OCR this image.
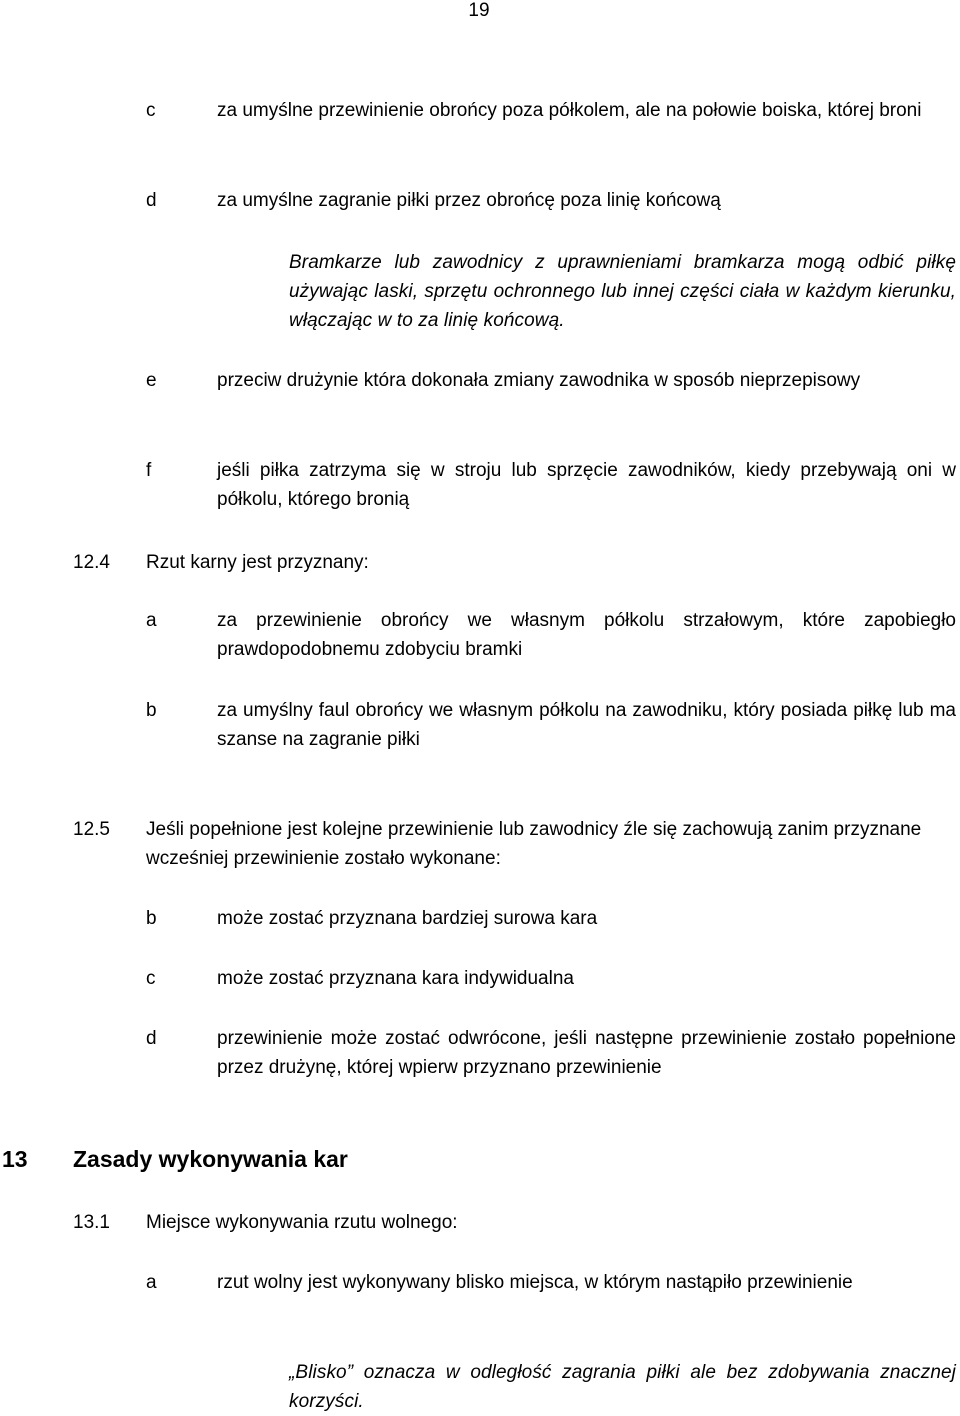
19
c	za umyślne przewinienie obrońcy poza półkolem, ale na połowie boiska, której broni
d	za umyślne zagranie piłki przez obrońcę poza linię końcową
Bramkarze lub zawodnicy z uprawnieniami bramkarza mogą odbić piłkę używając laski, sprzętu ochronnego lub innej części ciała w każdym kierunku, włączając w to za linię końcową.
e	przeciw drużynie która dokonała zmiany zawodnika w sposób nieprzepisowy
f	jeśli piłka zatrzyma się w stroju lub sprzęcie zawodników, kiedy przebywają oni w półkolu, którego bronią
12.4 Rzut karny jest przyznany:
a	za przewinienie obrońcy we własnym półkolu strzałowym, które zapobiegło prawdopodobnemu zdobyciu bramki
b	za umyślny faul obrońcy we własnym półkolu na zawodniku, który posiada piłkę lub ma szanse na zagranie piłki
12.5 Jeśli popełnione jest kolejne przewinienie lub zawodnicy źle się zachowują zanim przyznane wcześniej przewinienie zostało wykonane:
b	może zostać przyznana bardziej surowa kara
c	może zostać przyznana kara indywidualna
d	przewinienie może zostać odwrócone, jeśli następne przewinienie zostało popełnione przez drużynę, której wpierw przyznano przewinienie
13 Zasady wykonywania kar
13.1 Miejsce wykonywania rzutu wolnego:
a	rzut wolny jest wykonywany blisko miejsca, w którym nastąpiło przewinienie
„Blisko” oznacza w odległość zagrania piłki ale bez zdobywania znacznej korzyści.
